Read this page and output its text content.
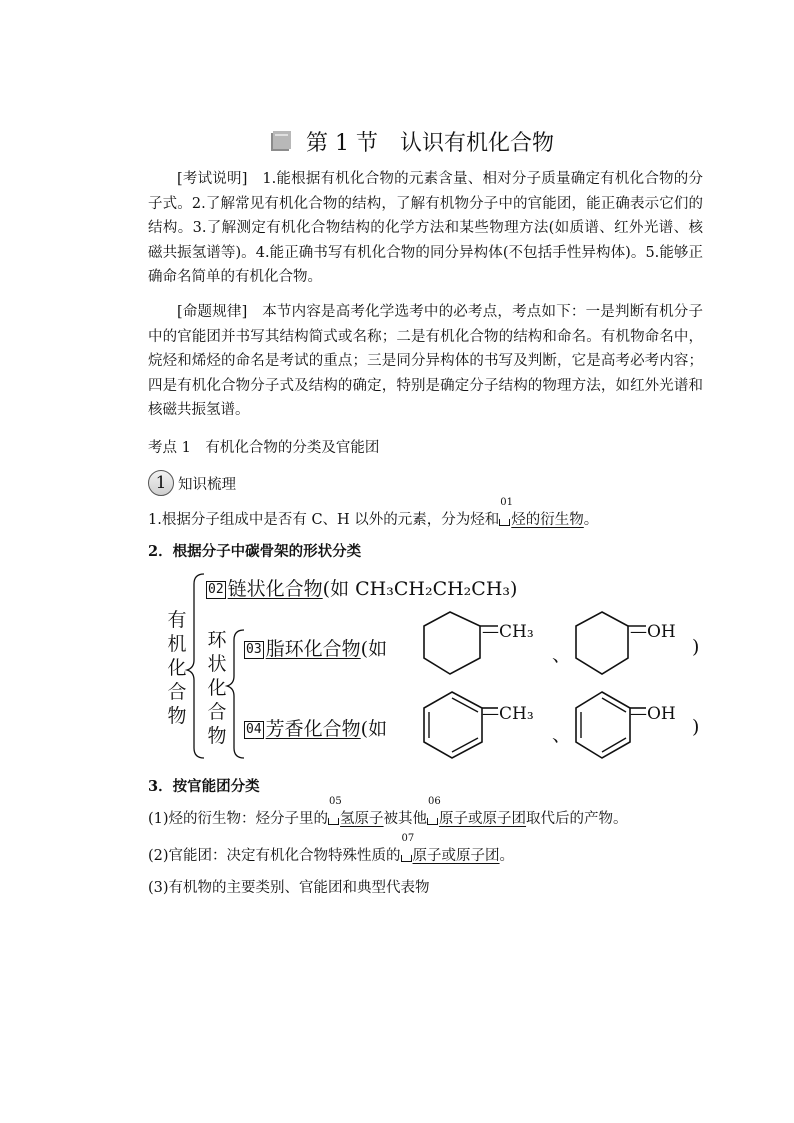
第 1 节 认识有机化合物
[考试说明]　 1.能根据有机化合物的元素含量、相对分子质量确定有机化合物的分子式。2.了解常见有机化合物的结构，了解有机物分子中的官能团，能正确表示它们的结构。3.了解测定有机化合物结构的化学方法和某些物理方法(如质谱、红外光谱、核磁共振氢谱等)。4.能正确书写有机化合物的同分异构体(不包括手性异构体)。5.能够正确命名简单的有机化合物。
[命题规律]　 本节内容是高考化学选考中的必考点，考点如下：一是判断有机分子中的官能团并书写其结构简式或名称；二是有机化合物的结构和命名。有机物命名中，烷烃和烯烃的命名是考试的重点；三是同分异构体的书写及判断，它是高考必考内容；四是有机化合物分子式及结构的确定，特别是确定分子结构的物理方法，如红外光谱和核磁共振氢谱。
考点 1　有机化合物的分类及官能团
1 知识梳理
1.根据分子组成中是否有 C、H 以外的元素，分为烃和
01
烃的衍生物。
2．根据分子中碳骨架的形状分类
有
机
化
合
物
环
状
化
合
物
02 链状化合物(如 CH₃CH₂CH₂CH₃)
03 脂环化合物(如
—CH₃
、
—OH
)
04 芳香化合物(如
—CH₃
、
—OH
)
3．按官能团分类
(1)烃的衍生物：烃分子里的
05
氢原子被其他
06
原子或原子团取代后的产物。
(2)官能团：决定有机化合物特殊性质的
07
原子或原子团。
(3)有机物的主要类别、官能团和典型代表物
